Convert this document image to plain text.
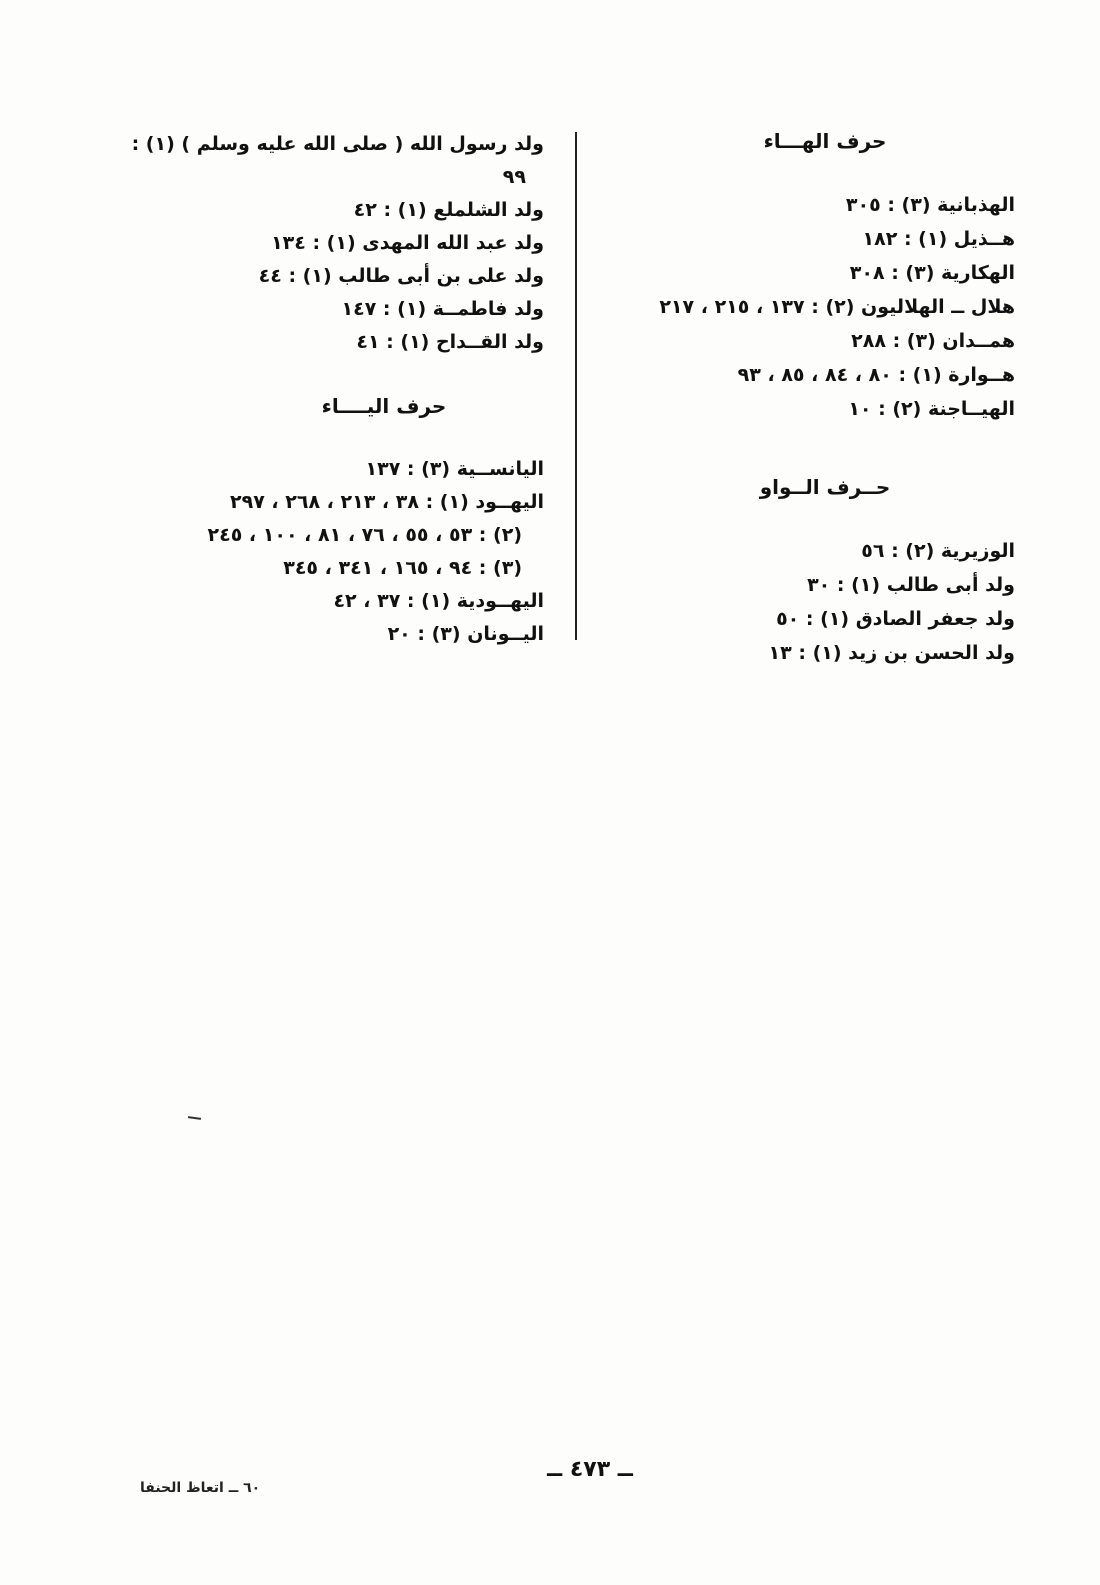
حرف الهـــاء
الهذبانية (٣) : ٣٠٥
هــذيل (١) : ١٨٢
الهكارية (٣) : ٣٠٨
هلال ــ الهلاليون (٢) : ١٣٧ ، ٢١٥ ، ٢١٧
همــدان (٣) : ٢٨٨
هــوارة (١) : ٨٠ ، ٨٤ ، ٨٥ ، ٩٣
الهيــاجنة (٢) : ١٠
حــرف الــواو
الوزيرية (٢) : ٥٦
ولد أبى طالب (١) : ٣٠
ولد جعفر الصادق (١) : ٥٠
ولد الحسن بن زيد (١) : ١٣
ولد رسول الله ( صلى الله عليه وسلم ) (١) :
٩٩
ولد الشلملع (١) : ٤٢
ولد عبد الله المهدى (١) : ١٣٤
ولد على بن أبى طالب (١) : ٤٤
ولد فاطمــة (١) : ١٤٧
ولد القــداح (١) : ٤١
حرف اليــــاء
اليانســية (٣) : ١٣٧
اليهــود (١) : ٣٨ ، ٢١٣ ، ٢٦٨ ، ٢٩٧
(٢) : ٥٣ ، ٥٥ ، ٧٦ ، ٨١ ، ١٠٠ ، ٢٤٥
(٣) : ٩٤ ، ١٦٥ ، ٣٤١ ، ٣٤٥
اليهــودية (١) : ٣٧ ، ٤٢
اليــونان (٣) : ٢٠
ــ ٤٧٣ ــ
٦٠ ــ اتعاظ الحنفا
